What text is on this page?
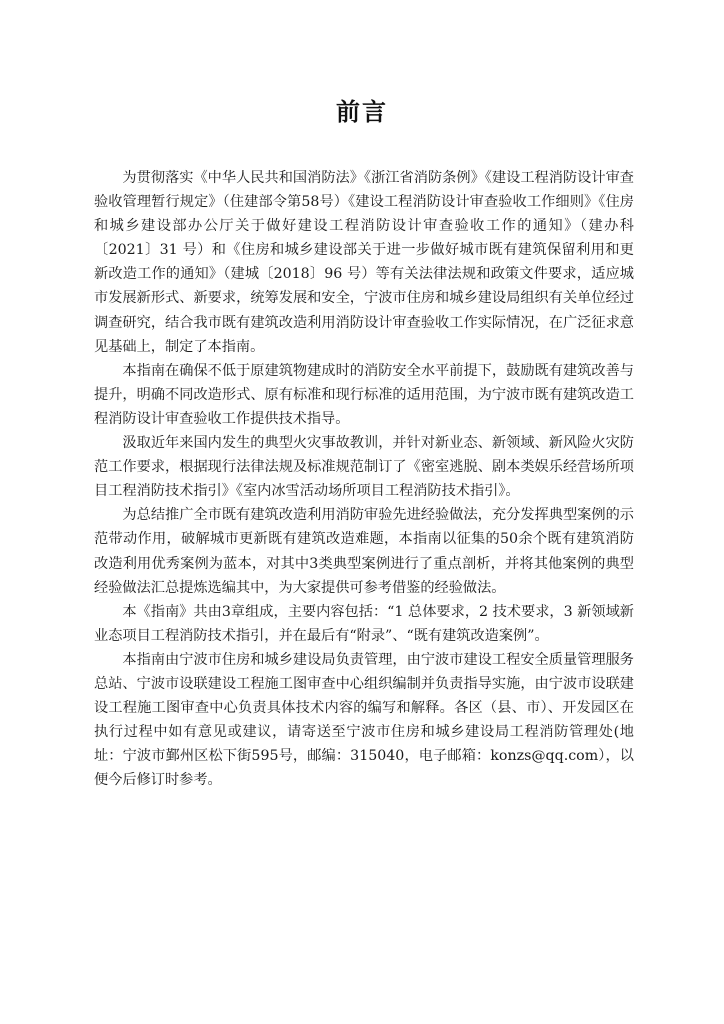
前言

为贯彻落实《中华人民共和国消防法》《浙江省消防条例》《建设工程消防设计审查验收管理暂行规定》（住建部令第58号）《建设工程消防设计审查验收工作细则》《住房和城乡建设部办公厅关于做好建设工程消防设计审查验收工作的通知》（建办科〔2021〕31 号）和《住房和城乡建设部关于进一步做好城市既有建筑保留利用和更新改造工作的通知》（建城〔2018〕96 号）等有关法律法规和政策文件要求，适应城市发展新形式、新要求，统筹发展和安全，宁波市住房和城乡建设局组织有关单位经过调查研究，结合我市既有建筑改造利用消防设计审查验收工作实际情况，在广泛征求意见基础上，制定了本指南。

本指南在确保不低于原建筑物建成时的消防安全水平前提下，鼓励既有建筑改善与提升，明确不同改造形式、原有标准和现行标准的适用范围，为宁波市既有建筑改造工程消防设计审查验收工作提供技术指导。

汲取近年来国内发生的典型火灾事故教训，并针对新业态、新领域、新风险火灾防范工作要求，根据现行法律法规及标准规范制订了《密室逃脱、剧本类娱乐经营场所项目工程消防技术指引》《室内冰雪活动场所项目工程消防技术指引》。

为总结推广全市既有建筑改造利用消防审验先进经验做法，充分发挥典型案例的示范带动作用，破解城市更新既有建筑改造难题，本指南以征集的50余个既有建筑消防改造利用优秀案例为蓝本，对其中3类典型案例进行了重点剖析，并将其他案例的典型经验做法汇总提炼选编其中，为大家提供可参考借鉴的经验做法。

本《指南》共由3章组成，主要内容包括：“1 总体要求，2 技术要求，3 新领域新业态项目工程消防技术指引，并在最后有“附录”、“既有建筑改造案例”。

本指南由宁波市住房和城乡建设局负责管理，由宁波市建设工程安全质量管理服务总站、宁波市设联建设工程施工图审查中心组织编制并负责指导实施，由宁波市设联建设工程施工图审查中心负责具体技术内容的编写和解释。各区（县、市）、开发园区在执行过程中如有意见或建议，请寄送至宁波市住房和城乡建设局工程消防管理处(地址：宁波市鄞州区松下街595号，邮编：315040，电子邮箱：konzs@qq.com），以便今后修订时参考。
